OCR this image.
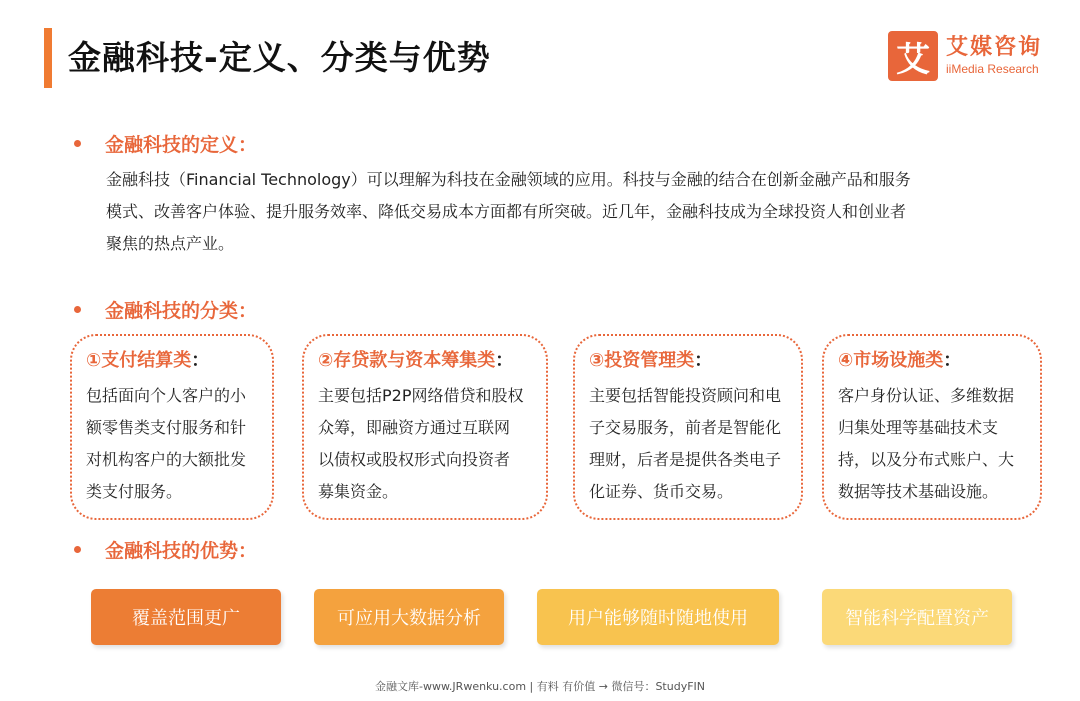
金融科技-定义、分类与优势	艾 艾媒咨询
iiMedia Research
金融科技的定义：
金融科技（Financial Technology）可以理解为科技在金融领域的应用。科技与金融的结合在创新金融产品和服务
模式、改善客户体验、提升服务效率、降低交易成本方面都有所突破。近几年，金融科技成为全球投资人和创业者
聚焦的热点产业。
金融科技的分类：
①支付结算类：
包括面向个人客户的小
额零售类支付服务和针
对机构客户的大额批发
类支付服务。
②存贷款与资本筹集类：
主要包括P2P网络借贷和股权
众筹，即融资方通过互联网
以债权或股权形式向投资者
募集资金。
③投资管理类：
主要包括智能投资顾问和电
子交易服务，前者是智能化
理财，后者是提供各类电子
化证券、货币交易。
④市场设施类：
客户身份认证、多维数据
归集处理等基础技术支
持，以及分布式账户、大
数据等技术基础设施。
金融科技的优势：
覆盖范围更广	可应用大数据分析	用户能够随时随地使用	智能科学配置资产
金融文库-www.JRwenku.com | 有料 有价值 → 微信号：StudyFIN
